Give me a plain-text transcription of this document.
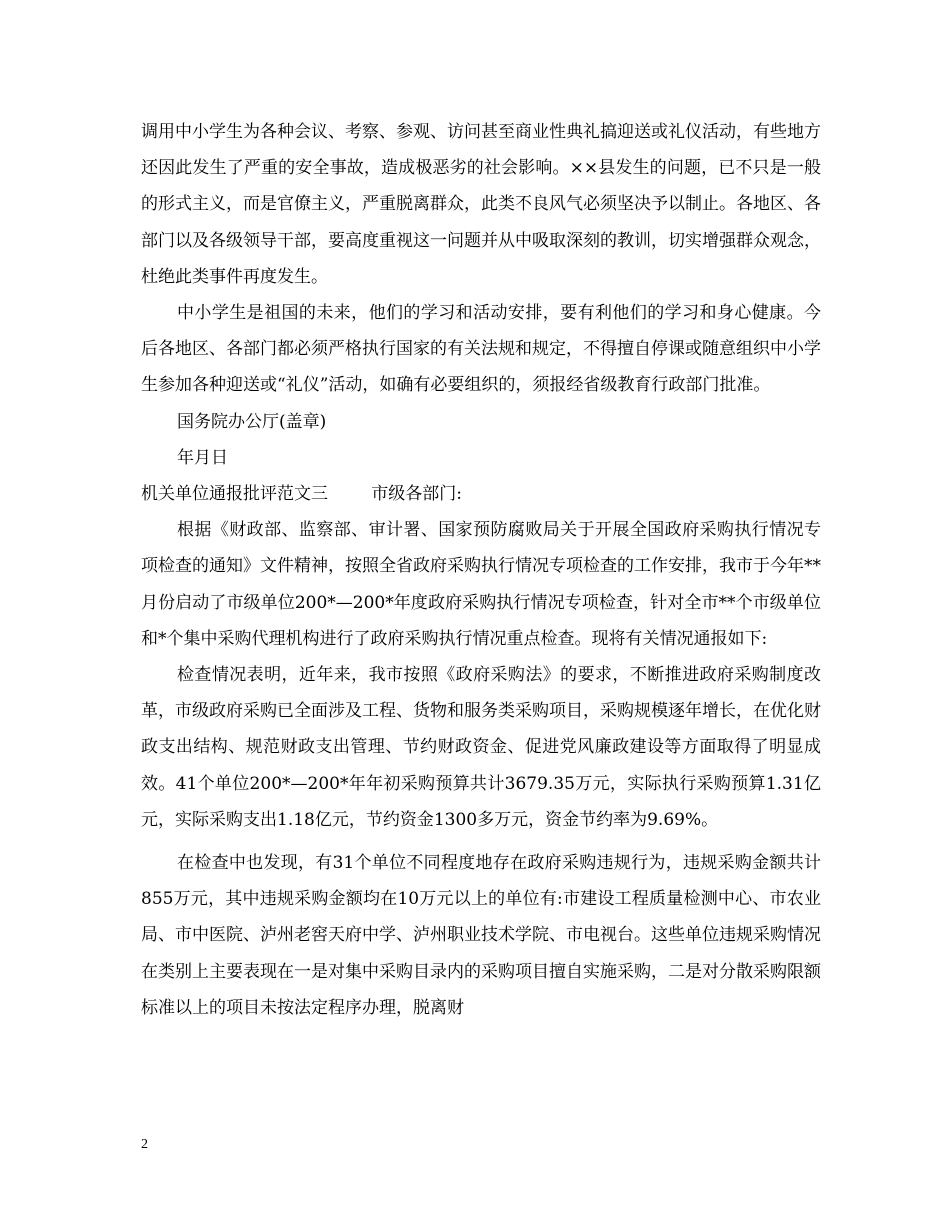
调用中小学生为各种会议、考察、参观、访问甚至商业性典礼搞迎送或礼仪活动，有些地方还因此发生了严重的安全事故，造成极恶劣的社会影响。××县发生的问题，已不只是一般的形式主义，而是官僚主义，严重脱离群众，此类不良风气必须坚决予以制止。各地区、各部门以及各级领导干部，要高度重视这一问题并从中吸取深刻的教训，切实增强群众观念，杜绝此类事件再度发生。

中小学生是祖国的未来，他们的学习和活动安排，要有利他们的学习和身心健康。今后各地区、各部门都必须严格执行国家的有关法规和规定，不得擅自停课或随意组织中小学生参加各种迎送或“礼仪”活动，如确有必要组织的，须报经省级教育行政部门批准。

国务院办公厅(盖章)

年月日

机关单位通报批评范文三	市级各部门:

根据《财政部、监察部、审计署、国家预防腐败局关于开展全国政府采购执行情况专项检查的通知》文件精神，按照全省政府采购执行情况专项检查的工作安排，我市于今年**月份启动了市级单位200*—200*年度政府采购执行情况专项检查，针对全市**个市级单位和*个集中采购代理机构进行了政府采购执行情况重点检查。现将有关情况通报如下:

检查情况表明，近年来，我市按照《政府采购法》的要求，不断推进政府采购制度改革，市级政府采购已全面涉及工程、货物和服务类采购项目，采购规模逐年增长，在优化财政支出结构、规范财政支出管理、节约财政资金、促进党风廉政建设等方面取得了明显成效。41个单位200*—200*年年初采购预算共计3679.35万元，实际执行采购预算1.31亿元，实际采购支出1.18亿元，节约资金1300多万元，资金节约率为9.69%。

在检查中也发现，有31个单位不同程度地存在政府采购违规行为，违规采购金额共计855万元，其中违规采购金额均在10万元以上的单位有:市建设工程质量检测中心、市农业局、市中医院、泸州老窖天府中学、泸州职业技术学院、市电视台。这些单位违规采购情况在类别上主要表现在一是对集中采购目录内的采购项目擅自实施采购，二是对分散采购限额标准以上的项目未按法定程序办理，脱离财

2
